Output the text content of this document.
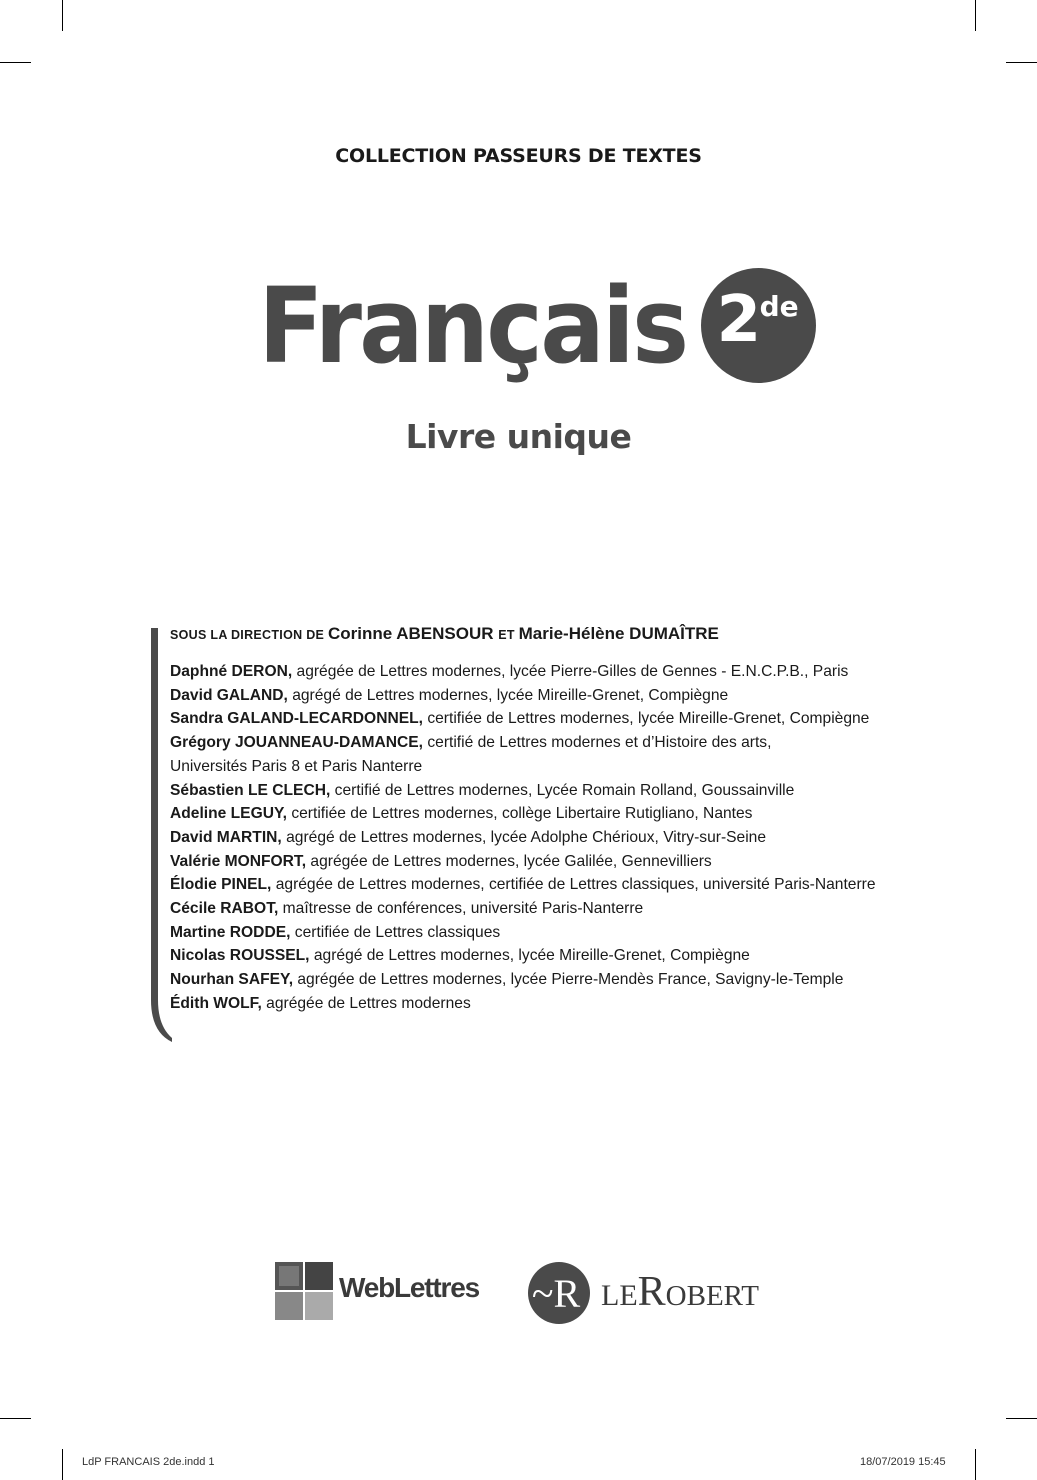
COLLECTION PASSEURS DE TEXTES
Français 2
de
Livre unique
SOUS LA DIRECTION DE Corinne ABENSOUR ET Marie-Hélène DUMAÎTRE
Daphné DERON, agrégée de Lettres modernes, lycée Pierre-Gilles de Gennes - E.N.C.P.B., Paris
David GALAND, agrégé de Lettres modernes, lycée Mireille-Grenet, Compiègne
Sandra GALAND-LECARDONNEL, certifiée de Lettres modernes, lycée Mireille-Grenet, Compiègne
Grégory JOUANNEAU-DAMANCE, certifié de Lettres modernes et d’Histoire des arts,
Universités Paris 8 et Paris Nanterre
Sébastien LE CLECH, certifié de Lettres modernes, Lycée Romain Rolland, Goussainville
Adeline LEGUY, certifiée de Lettres modernes, collège Libertaire Rutigliano, Nantes
David MARTIN, agrégé de Lettres modernes, lycée Adolphe Chérioux, Vitry-sur-Seine
Valérie MONFORT, agrégée de Lettres modernes, lycée Galilée, Gennevilliers
Élodie PINEL, agrégée de Lettres modernes, certifiée de Lettres classiques, université Paris-Nanterre
Cécile RABOT, maîtresse de conférences, université Paris-Nanterre
Martine RODDE, certifiée de Lettres classiques
Nicolas ROUSSEL, agrégé de Lettres modernes, lycée Mireille-Grenet, Compiègne
Nourhan SAFEY, agrégée de Lettres modernes, lycée Pierre-Mendès France, Savigny-le-Temple
Édith WOLF, agrégée de Lettres modernes
WebLettres ~R LERobert
LdP FRANCAIS 2de.indd 1	18/07/2019 15:45
